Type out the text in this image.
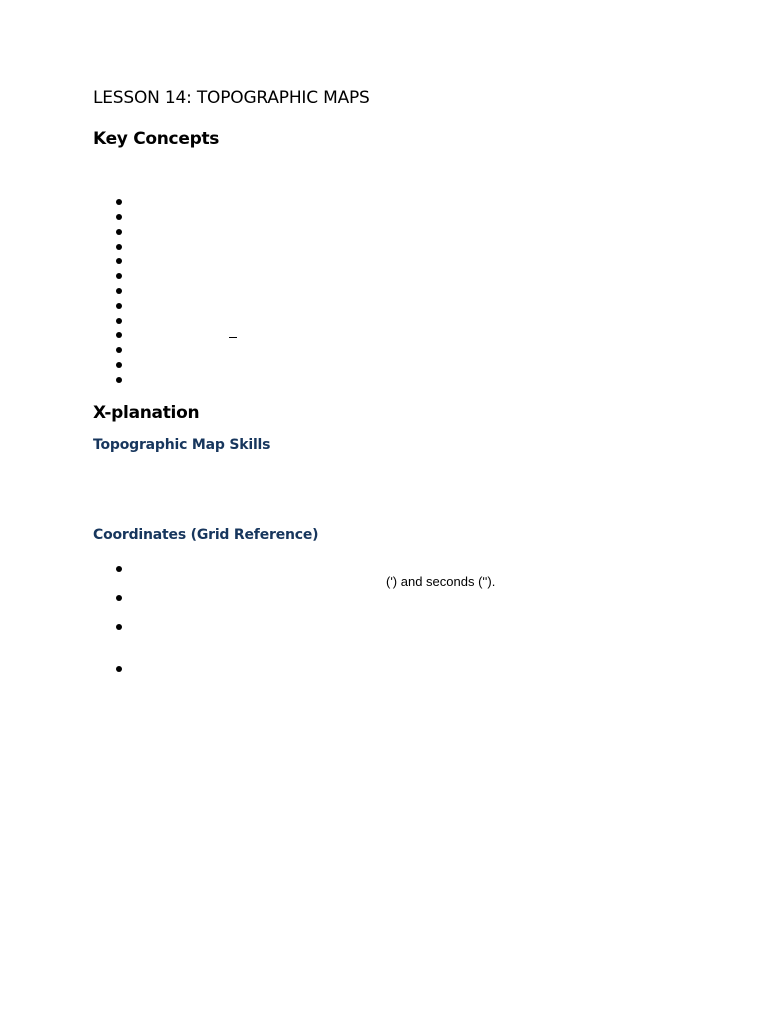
LESSON 14: TOPOGRAPHIC MAPS
Key Concepts
X-planation
Topographic Map Skills
Coordinates (Grid Reference)
(ʹ) and seconds (ʹʹ).
